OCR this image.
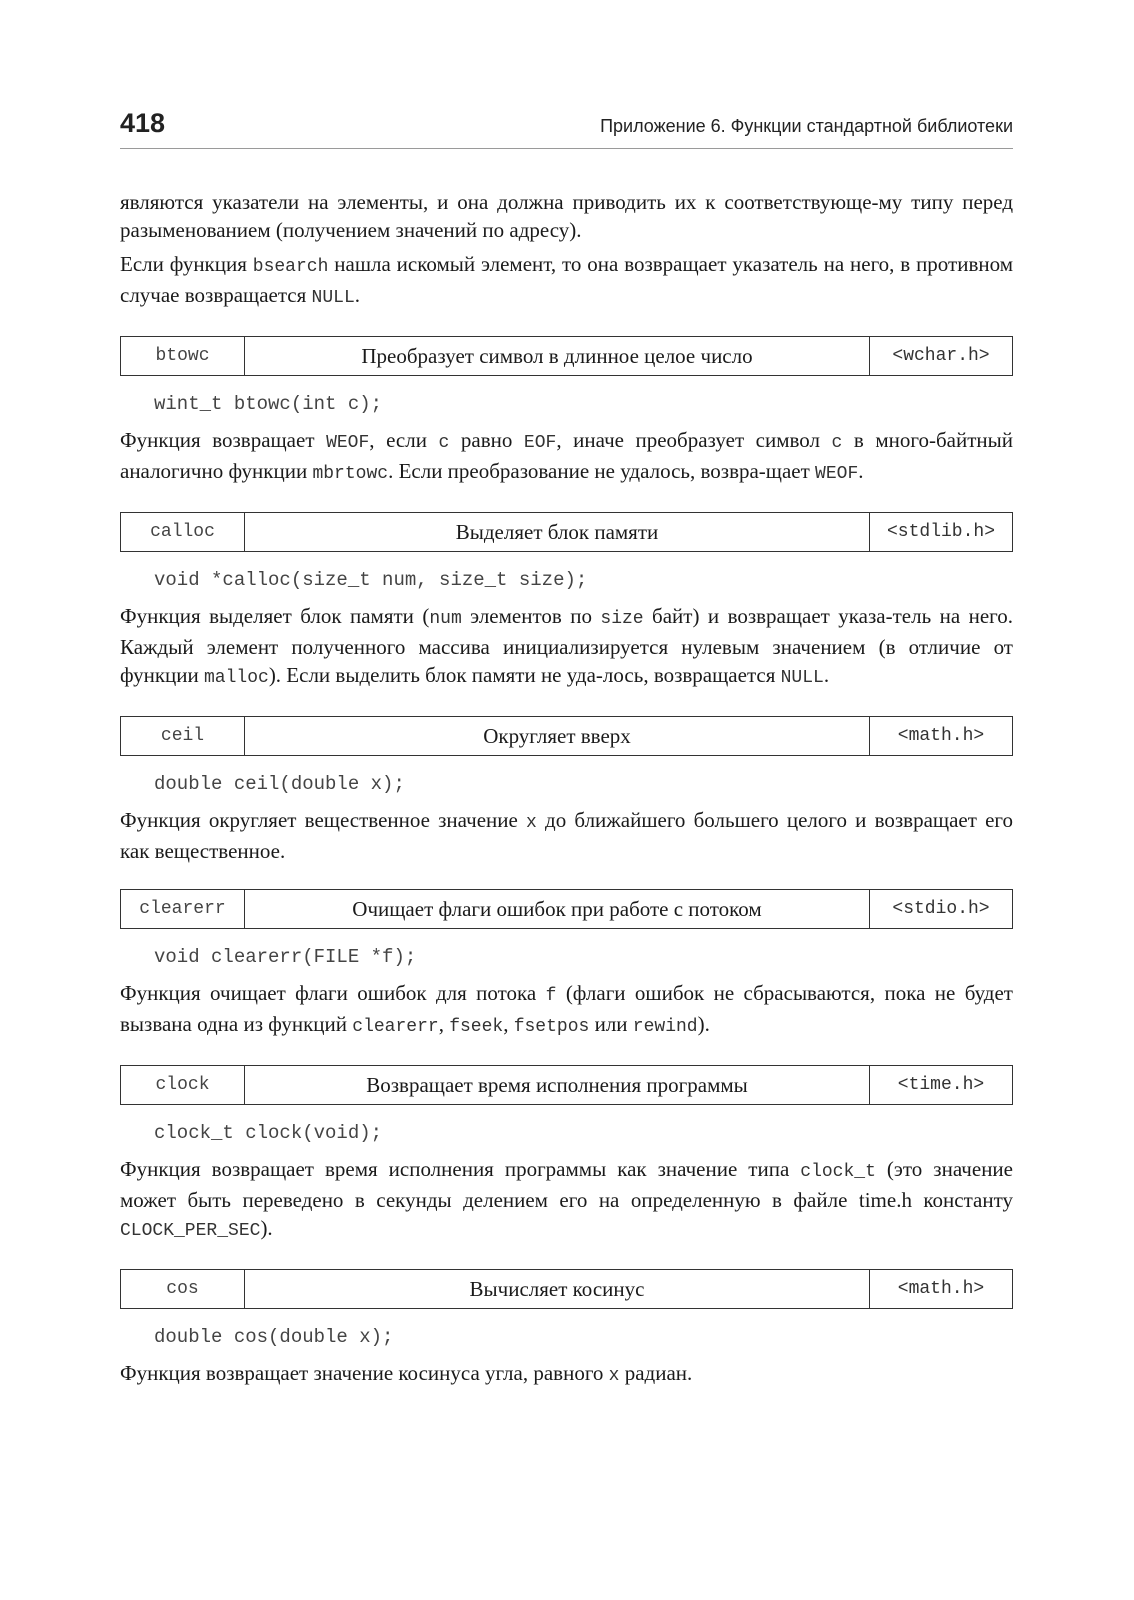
418	Приложение 6. Функции стандартной библиотеки

являются указатели на элементы, и она должна приводить их к соответствующе-му типу перед разыменованием (получением значений по адресу).

Если функция bsearch нашла искомый элемент, то она возвращает указатель на него, в противном случае возвращается NULL.

btowc	Преобразует символ в длинное целое число	<wchar.h>
wint_t btowc(int c);

Функция возвращает WEOF, если c равно EOF, иначе преобразует символ c в много-байтный аналогично функции mbrtowc. Если преобразование не удалось, возвра-щает WEOF.

calloc	Выделяет блок памяти	<stdlib.h>
void *calloc(size_t num, size_t size);

Функция выделяет блок памяти (num элементов по size байт) и возвращает указа-тель на него. Каждый элемент полученного массива инициализируется нулевым значением (в отличие от функции malloc). Если выделить блок памяти не уда-лось, возвращается NULL.

ceil	Округляет вверх	<math.h>
double ceil(double x);

Функция округляет вещественное значение x до ближайшего большего целого и возвращает его как вещественное.

clearerr	Очищает флаги ошибок при работе с потоком	<stdio.h>
void clearerr(FILE *f);

Функция очищает флаги ошибок для потока f (флаги ошибок не сбрасываются, пока не будет вызвана одна из функций clearerr, fseek, fsetpos или rewind).

clock	Возвращает время исполнения программы	<time.h>
clock_t clock(void);

Функция возвращает время исполнения программы как значение типа clock_t (это значение может быть переведено в секунды делением его на определенную в файле time.h константу CLOCK_PER_SEC).

cos	Вычисляет косинус	<math.h>
double cos(double x);

Функция возвращает значение косинуса угла, равного x радиан.
